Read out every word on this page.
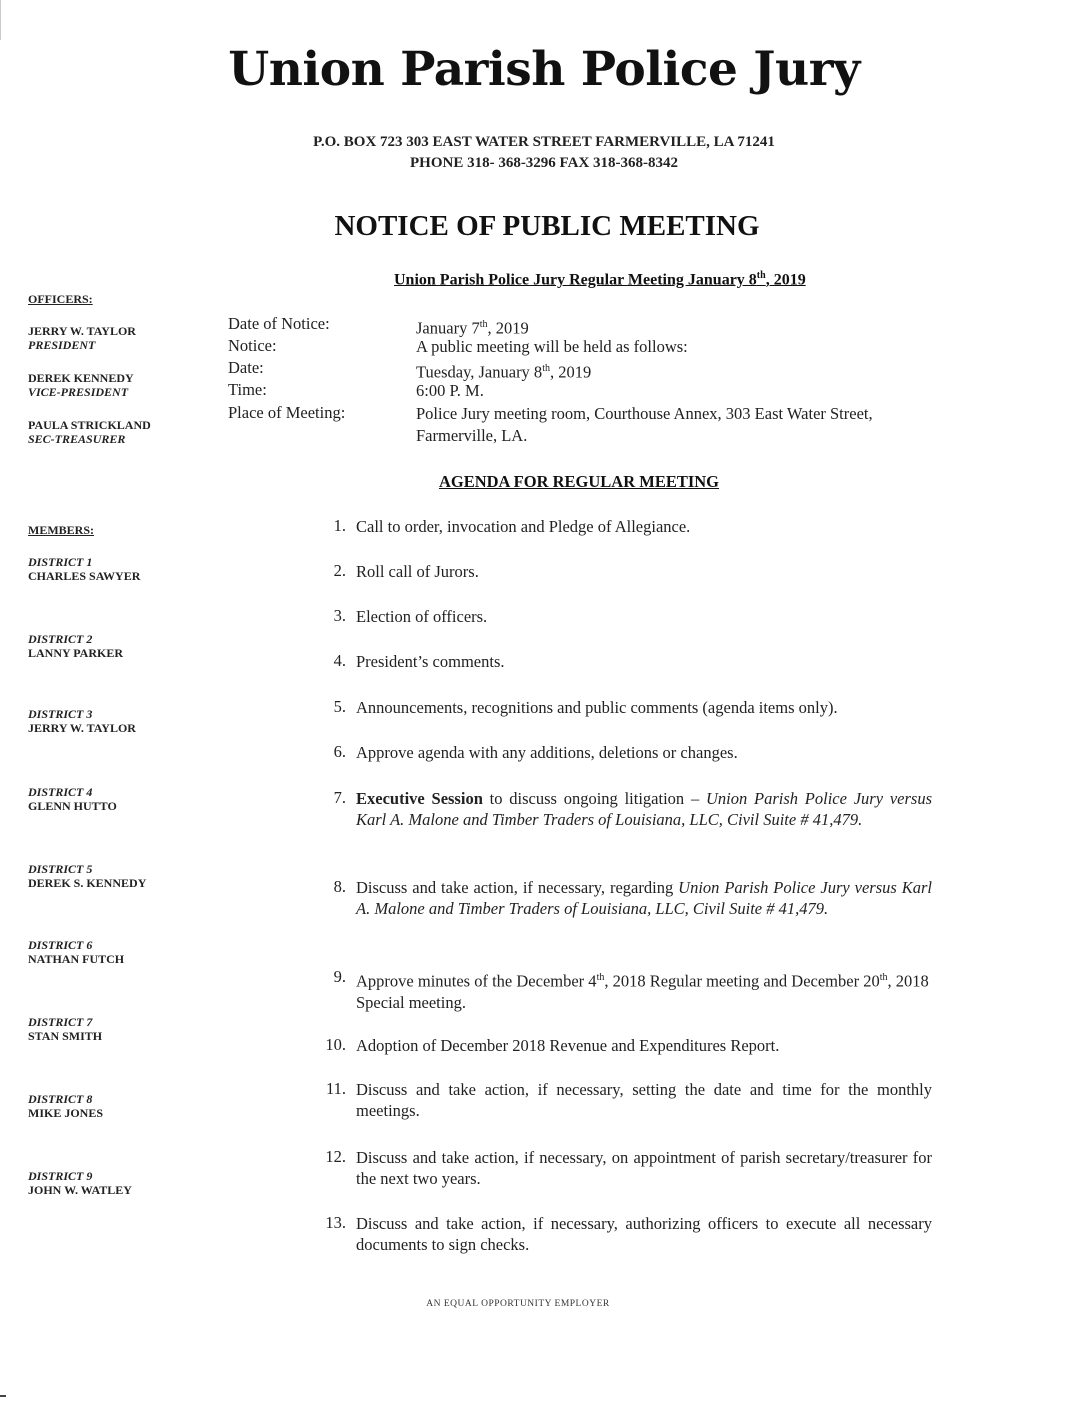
Union Parish Police Jury
P.O. BOX 723 303 EAST WATER STREET FARMERVILLE, LA 71241
PHONE 318- 368-3296 FAX 318-368-8342
NOTICE OF PUBLIC MEETING
Union Parish Police Jury Regular Meeting January 8th, 2019
OFFICERS:
JERRY W. TAYLOR
PRESIDENT
DEREK KENNEDY
VICE-PRESIDENT
PAULA STRICKLAND
SEC-TREASURER
MEMBERS:
DISTRICT 1
CHARLES SAWYER
DISTRICT 2
LANNY PARKER
DISTRICT 3
JERRY W. TAYLOR
DISTRICT 4
GLENN HUTTO
DISTRICT 5
DEREK S. KENNEDY
DISTRICT 6
NATHAN FUTCH
DISTRICT 7
STAN SMITH
DISTRICT 8
MIKE JONES
DISTRICT 9
JOHN W. WATLEY
Date of Notice:	January 7th, 2019
Notice:	A public meeting will be held as follows:
Date:	Tuesday, January 8th, 2019
Time:	6:00 P. M.
Place of Meeting:	Police Jury meeting room, Courthouse Annex, 303 East Water Street, Farmerville, LA.
AGENDA FOR REGULAR MEETING
1. Call to order, invocation and Pledge of Allegiance.
2. Roll call of Jurors.
3. Election of officers.
4. President’s comments.
5. Announcements, recognitions and public comments (agenda items only).
6. Approve agenda with any additions, deletions or changes.
7. Executive Session to discuss ongoing litigation – Union Parish Police Jury versus Karl A. Malone and Timber Traders of Louisiana, LLC, Civil Suite # 41,479.
8. Discuss and take action, if necessary, regarding Union Parish Police Jury versus Karl A. Malone and Timber Traders of Louisiana, LLC, Civil Suite # 41,479.
9. Approve minutes of the December 4th, 2018 Regular meeting and December 20th, 2018 Special meeting.
10. Adoption of December 2018 Revenue and Expenditures Report.
11. Discuss and take action, if necessary, setting the date and time for the monthly meetings.
12. Discuss and take action, if necessary, on appointment of parish secretary/treasurer for the next two years.
13. Discuss and take action, if necessary, authorizing officers to execute all necessary documents to sign checks.
AN EQUAL OPPORTUNITY EMPLOYER
